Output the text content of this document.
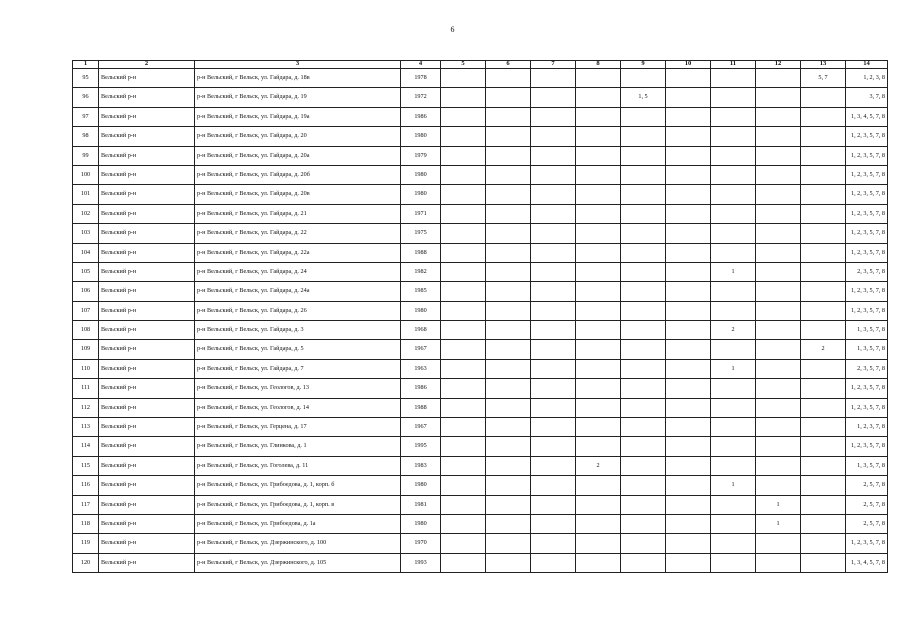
6
1	2	3	4	5	6	7	8	9	10	11	12	13	14
95	Вельский р-н	р-н Вельский, г Вельск, ул. Гайдара, д. 18в	1978									5, 7	1, 2, 3, 8
96	Вельский р-н	р-н Вельский, г Вельск, ул. Гайдара, д. 19	1972					1, 5					3, 7, 8
97	Вельский р-н	р-н Вельский, г Вельск, ул. Гайдара, д. 19а	1986										1, 3, 4, 5, 7, 8
98	Вельский р-н	р-н Вельский, г Вельск, ул. Гайдара, д. 20	1980										1, 2, 3, 5, 7, 8
99	Вельский р-н	р-н Вельский, г Вельск, ул. Гайдара, д. 20а	1979										1, 2, 3, 5, 7, 8
100	Вельский р-н	р-н Вельский, г Вельск, ул. Гайдара, д. 20б	1980										1, 2, 3, 5, 7, 8
101	Вельский р-н	р-н Вельский, г Вельск, ул. Гайдара, д. 20в	1980										1, 2, 3, 5, 7, 8
102	Вельский р-н	р-н Вельский, г Вельск, ул. Гайдара, д. 21	1971										1, 2, 3, 5, 7, 8
103	Вельский р-н	р-н Вельский, г Вельск, ул. Гайдара, д. 22	1975										1, 2, 3, 5, 7, 8
104	Вельский р-н	р-н Вельский, г Вельск, ул. Гайдара, д. 22а	1988										1, 2, 3, 5, 7, 8
105	Вельский р-н	р-н Вельский, г Вельск, ул. Гайдара, д. 24	1982							1			2, 3, 5, 7, 8
106	Вельский р-н	р-н Вельский, г Вельск, ул. Гайдара, д. 24а	1985										1, 2, 3, 5, 7, 8
107	Вельский р-н	р-н Вельский, г Вельск, ул. Гайдара, д. 26	1980										1, 2, 3, 5, 7, 8
108	Вельский р-н	р-н Вельский, г Вельск, ул. Гайдара, д. 3	1968							2			1, 3, 5, 7, 8
109	Вельский р-н	р-н Вельский, г Вельск, ул. Гайдара, д. 5	1967									2	1, 3, 5, 7, 8
110	Вельский р-н	р-н Вельский, г Вельск, ул. Гайдара, д. 7	1963							1			2, 3, 5, 7, 8
111	Вельский р-н	р-н Вельский, г Вельск, ул. Геологов, д. 13	1986										1, 2, 3, 5, 7, 8
112	Вельский р-н	р-н Вельский, г Вельск, ул. Геологов, д. 14	1988										1, 2, 3, 5, 7, 8
113	Вельский р-н	р-н Вельский, г Вельск, ул. Герцена, д. 17	1967										1, 2, 3, 7, 8
114	Вельский р-н	р-н Вельский, г Вельск, ул. Глинкова, д. 1	1995										1, 2, 3, 5, 7, 8
115	Вельский р-н	р-н Вельский, г Вельск, ул. Гоголева, д. 11	1983				2						1, 3, 5, 7, 8
116	Вельский р-н	р-н Вельский, г Вельск, ул. Грибоедова, д. 1, корп. б	1980							1			2, 5, 7, 8
117	Вельский р-н	р-н Вельский, г Вельск, ул. Грибоедова, д. 1, корп. в	1981								1		2, 5, 7, 8
118	Вельский р-н	р-н Вельский, г Вельск, ул. Грибоедова, д. 1а	1980								1		2, 5, 7, 8
119	Вельский р-н	р-н Вельский, г Вельск, ул. Дзержинского, д. 100	1970										1, 2, 3, 5, 7, 8
120	Вельский р-н	р-н Вельский, г Вельск, ул. Дзержинского, д. 105	1993										1, 3, 4, 5, 7, 8
